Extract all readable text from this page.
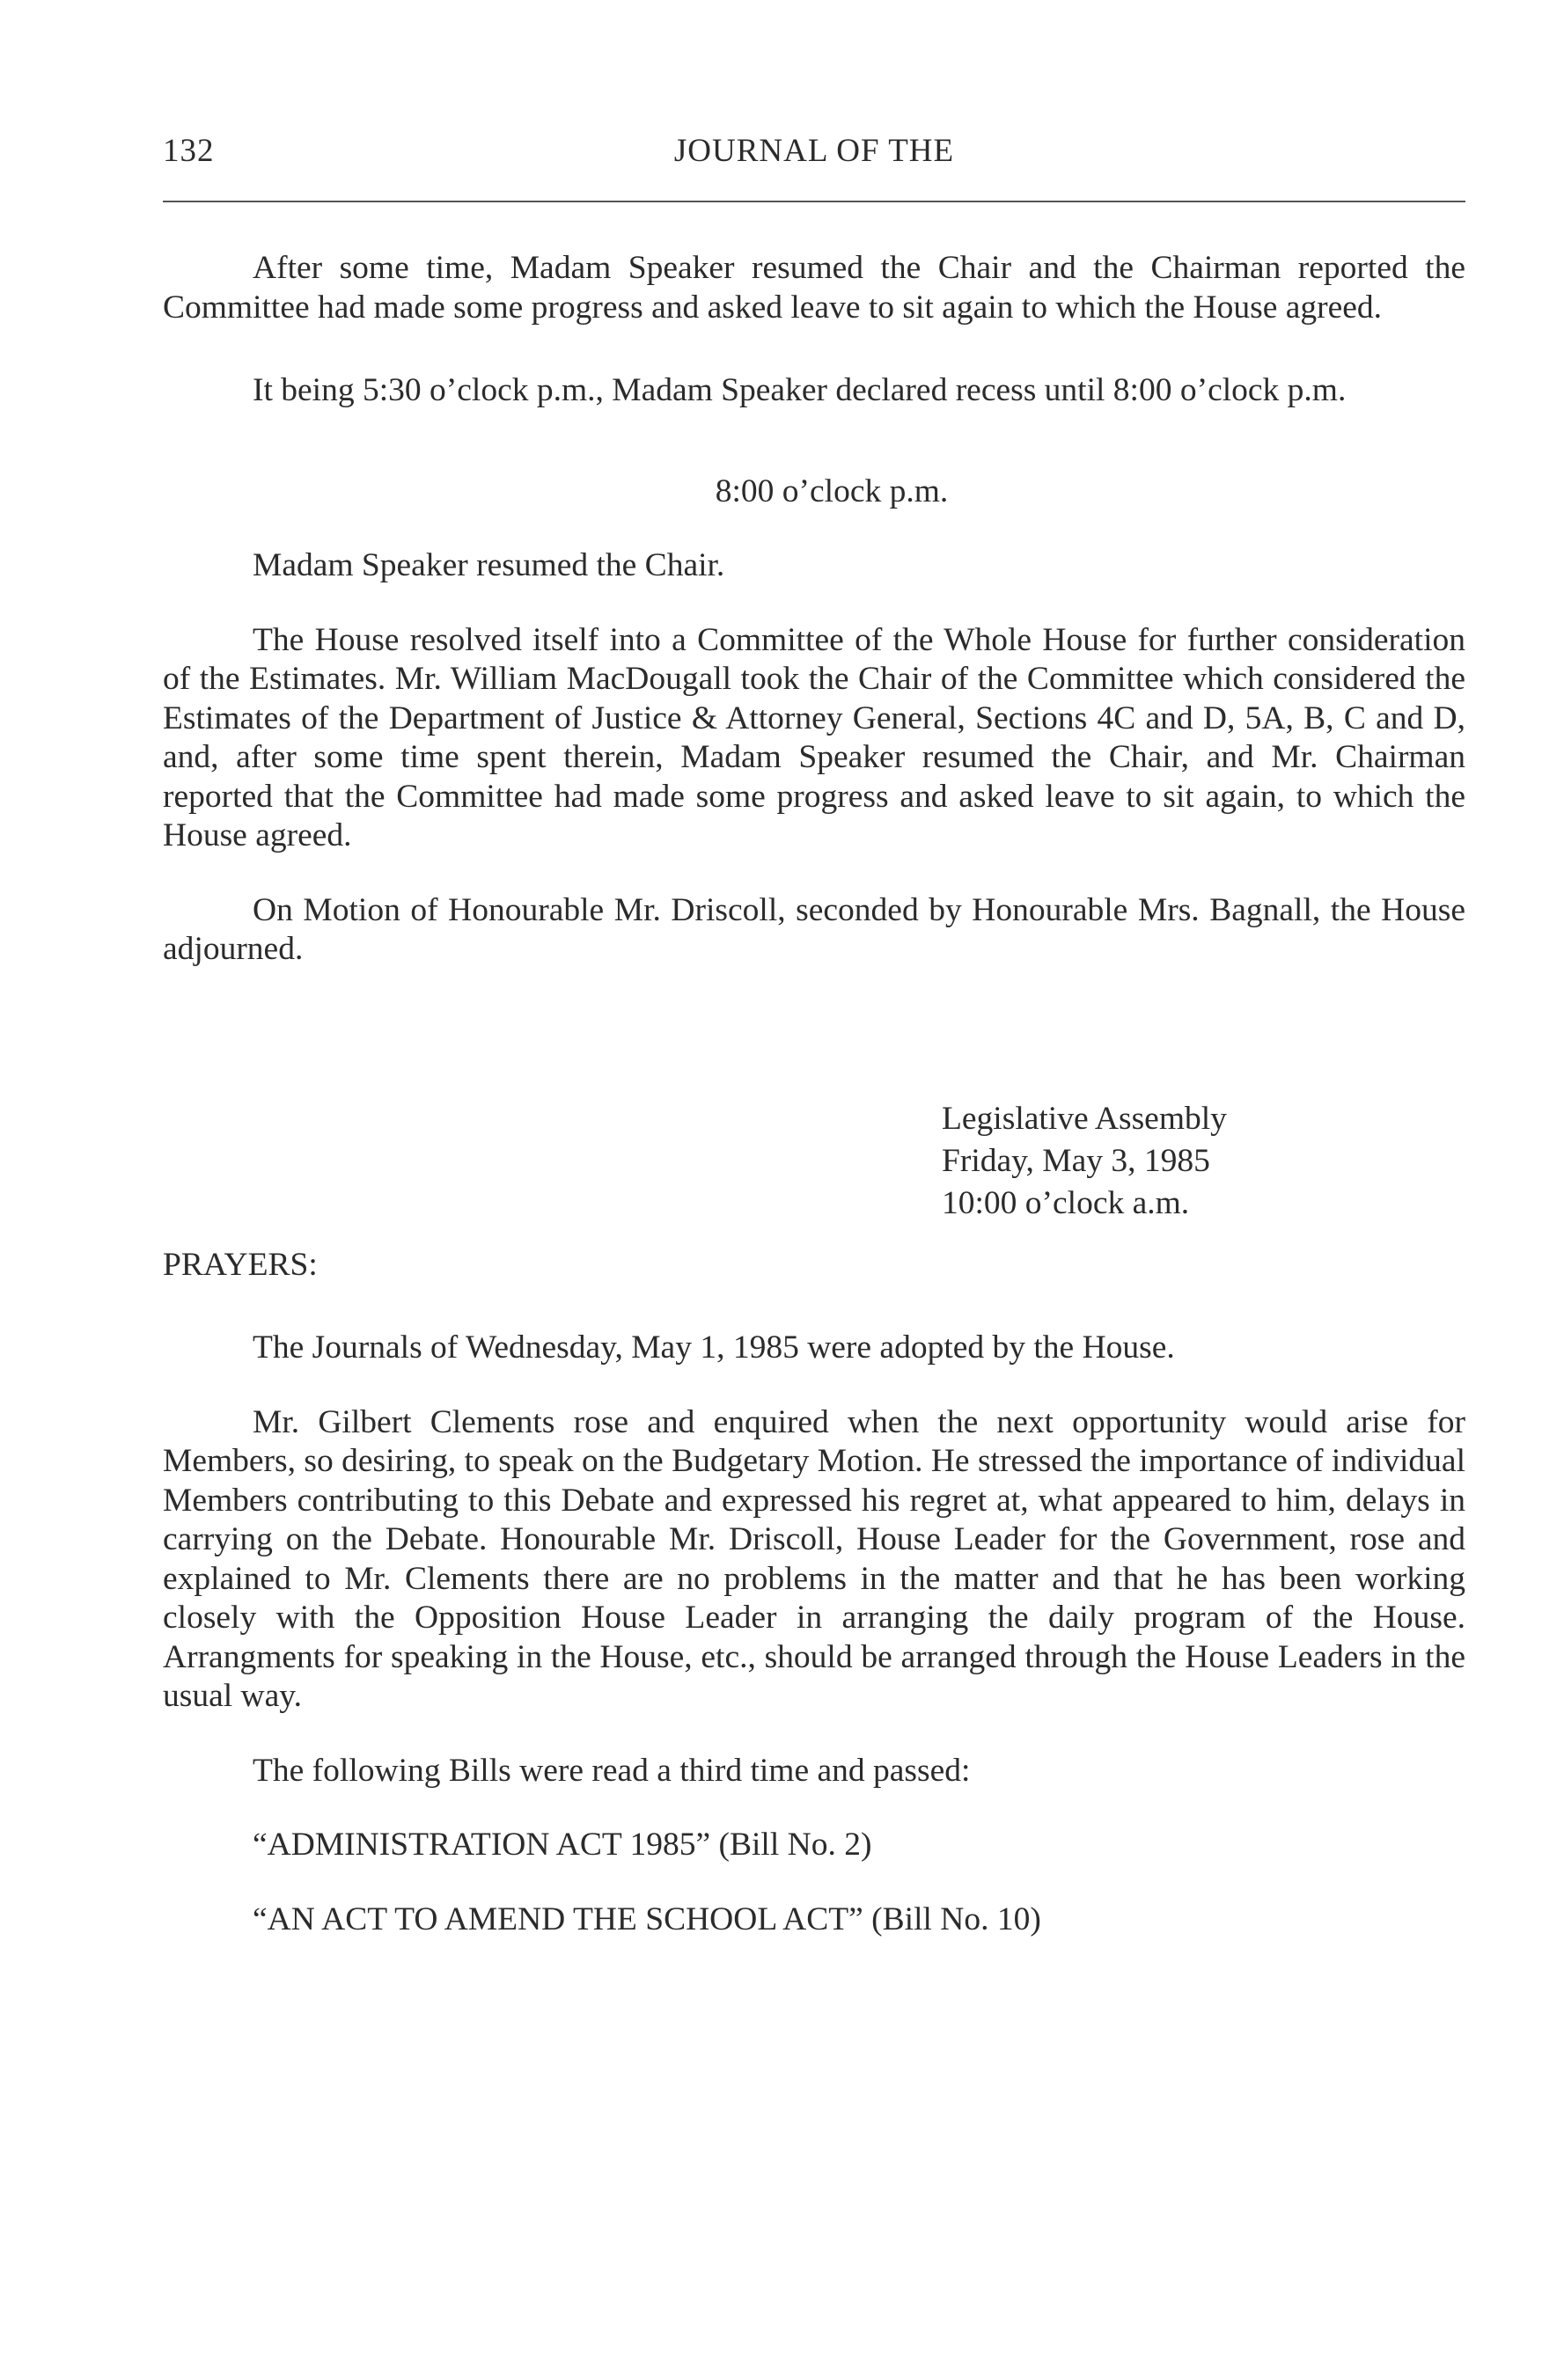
132	JOURNAL OF THE

After some time, Madam Speaker resumed the Chair and the Chairman reported the Committee had made some progress and asked leave to sit again to which the House agreed.

It being 5:30 o’clock p.m., Madam Speaker declared recess until 8:00 o’clock p.m.

8:00 o’clock p.m.

Madam Speaker resumed the Chair.

The House resolved itself into a Committee of the Whole House for further consideration of the Estimates. Mr. William MacDougall took the Chair of the Committee which considered the Estimates of the Department of Justice & Attorney General, Sections 4C and D, 5A, B, C and D, and, after some time spent therein, Madam Speaker resumed the Chair, and Mr. Chairman reported that the Committee had made some progress and asked leave to sit again, to which the House agreed.

On Motion of Honourable Mr. Driscoll, seconded by Honourable Mrs. Bagnall, the House adjourned.

Legislative Assembly

Friday, May 3, 1985

10:00 o’clock a.m.

PRAYERS:

The Journals of Wednesday, May 1, 1985 were adopted by the House.

Mr. Gilbert Clements rose and enquired when the next opportunity would arise for Members, so desiring, to speak on the Budgetary Motion. He stressed the importance of individual Members contributing to this Debate and expressed his regret at, what appeared to him, delays in carrying on the Debate. Honourable Mr. Driscoll, House Leader for the Government, rose and explained to Mr. Clements there are no problems in the matter and that he has been working closely with the Opposition House Leader in arranging the daily program of the House. Arrangments for speaking in the House, etc., should be arranged through the House Leaders in the usual way.

The following Bills were read a third time and passed:

“ADMINISTRATION ACT 1985” (Bill No. 2)

“AN ACT TO AMEND THE SCHOOL ACT” (Bill No. 10)
